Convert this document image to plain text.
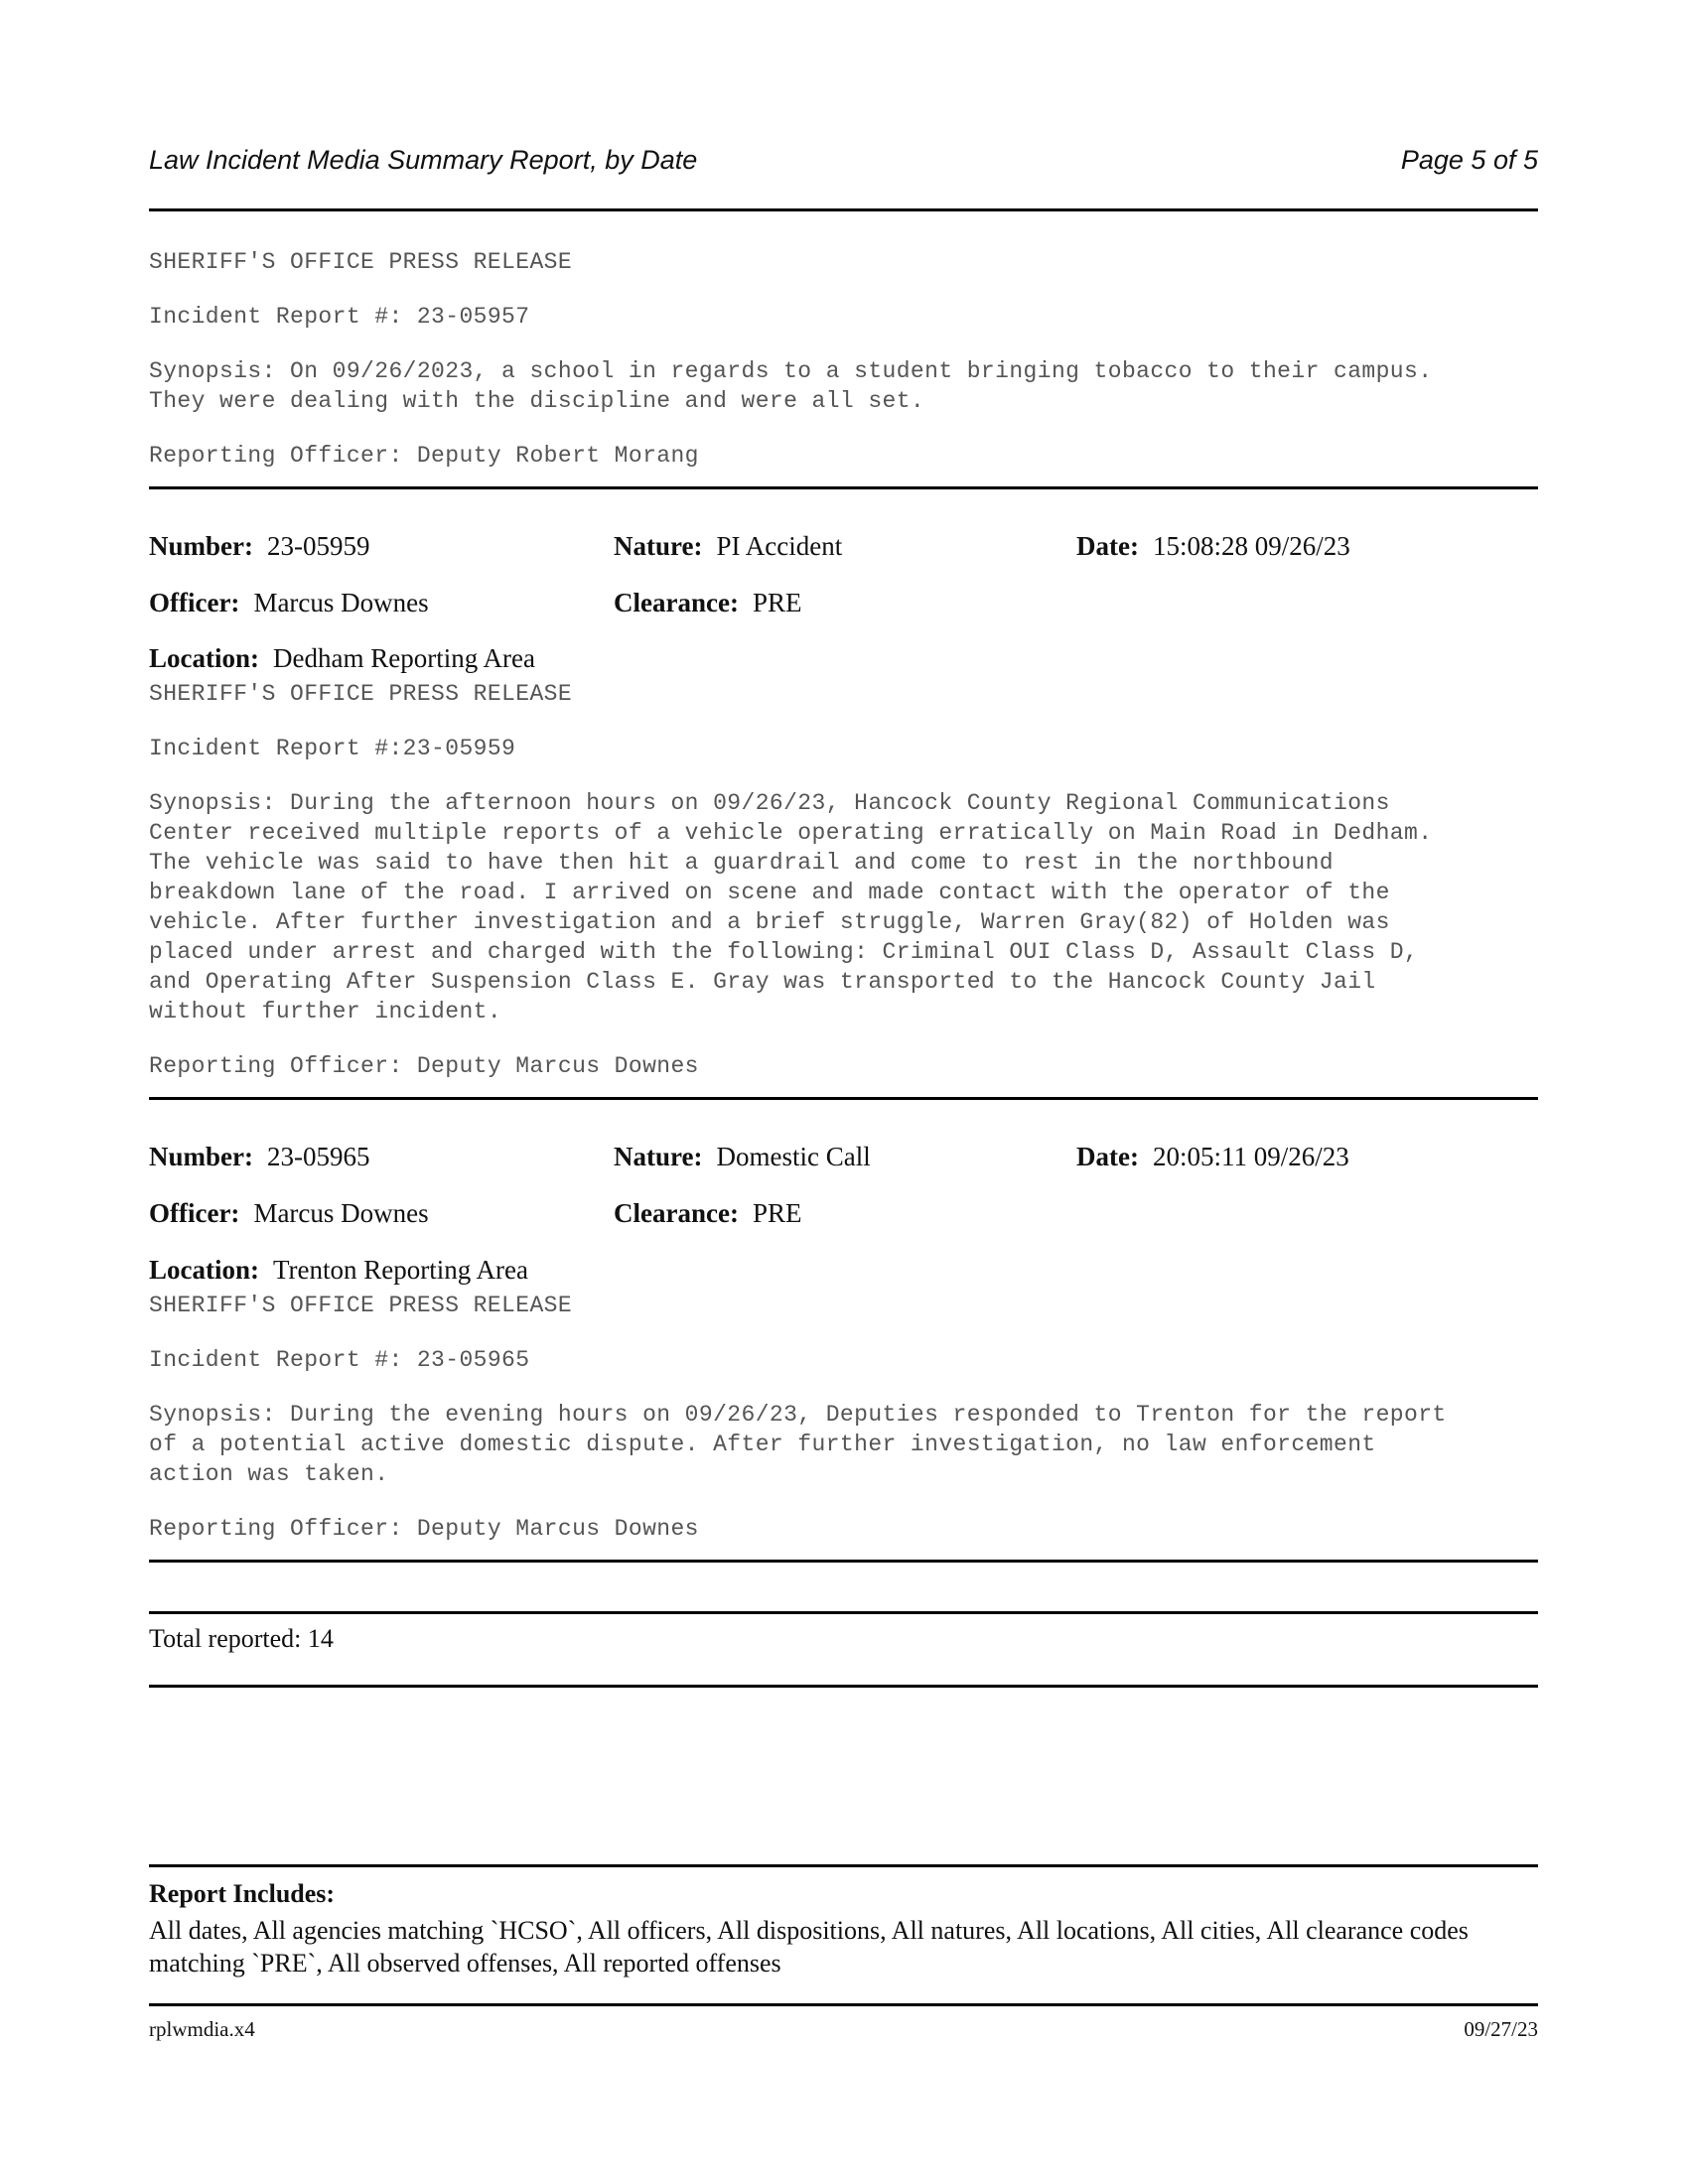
Law Incident Media Summary Report, by Date	Page 5 of 5
SHERIFF'S OFFICE PRESS RELEASE
Incident Report #: 23-05957
Synopsis: On 09/26/2023, a school in regards to a student bringing tobacco to their campus.
They were dealing with the discipline and were all set.
Reporting Officer: Deputy Robert Morang
Number: 23-05959	Nature: PI Accident	Date: 15:08:28 09/26/23
Officer: Marcus Downes	Clearance: PRE
Location: Dedham Reporting Area
SHERIFF'S OFFICE PRESS RELEASE
Incident Report #:23-05959
Synopsis: During the afternoon hours on 09/26/23, Hancock County Regional Communications
Center received multiple reports of a vehicle operating erratically on Main Road in Dedham.
The vehicle was said to have then hit a guardrail and come to rest in the northbound
breakdown lane of the road. I arrived on scene and made contact with the operator of the
vehicle. After further investigation and a brief struggle, Warren Gray(82) of Holden was
placed under arrest and charged with the following: Criminal OUI Class D, Assault Class D,
and Operating After Suspension Class E. Gray was transported to the Hancock County Jail
without further incident.
Reporting Officer: Deputy Marcus Downes
Number: 23-05965	Nature: Domestic Call	Date: 20:05:11 09/26/23
Officer: Marcus Downes	Clearance: PRE
Location: Trenton Reporting Area
SHERIFF'S OFFICE PRESS RELEASE
Incident Report #: 23-05965
Synopsis: During the evening hours on 09/26/23, Deputies responded to Trenton for the report
of a potential active domestic dispute. After further investigation, no law enforcement
action was taken.
Reporting Officer: Deputy Marcus Downes
Total reported: 14
Report Includes:
All dates, All agencies matching `HCSO`, All officers, All dispositions, All natures, All locations, All cities, All clearance codes matching `PRE`, All observed offenses, All reported offenses
rplwmdia.x4	09/27/23
